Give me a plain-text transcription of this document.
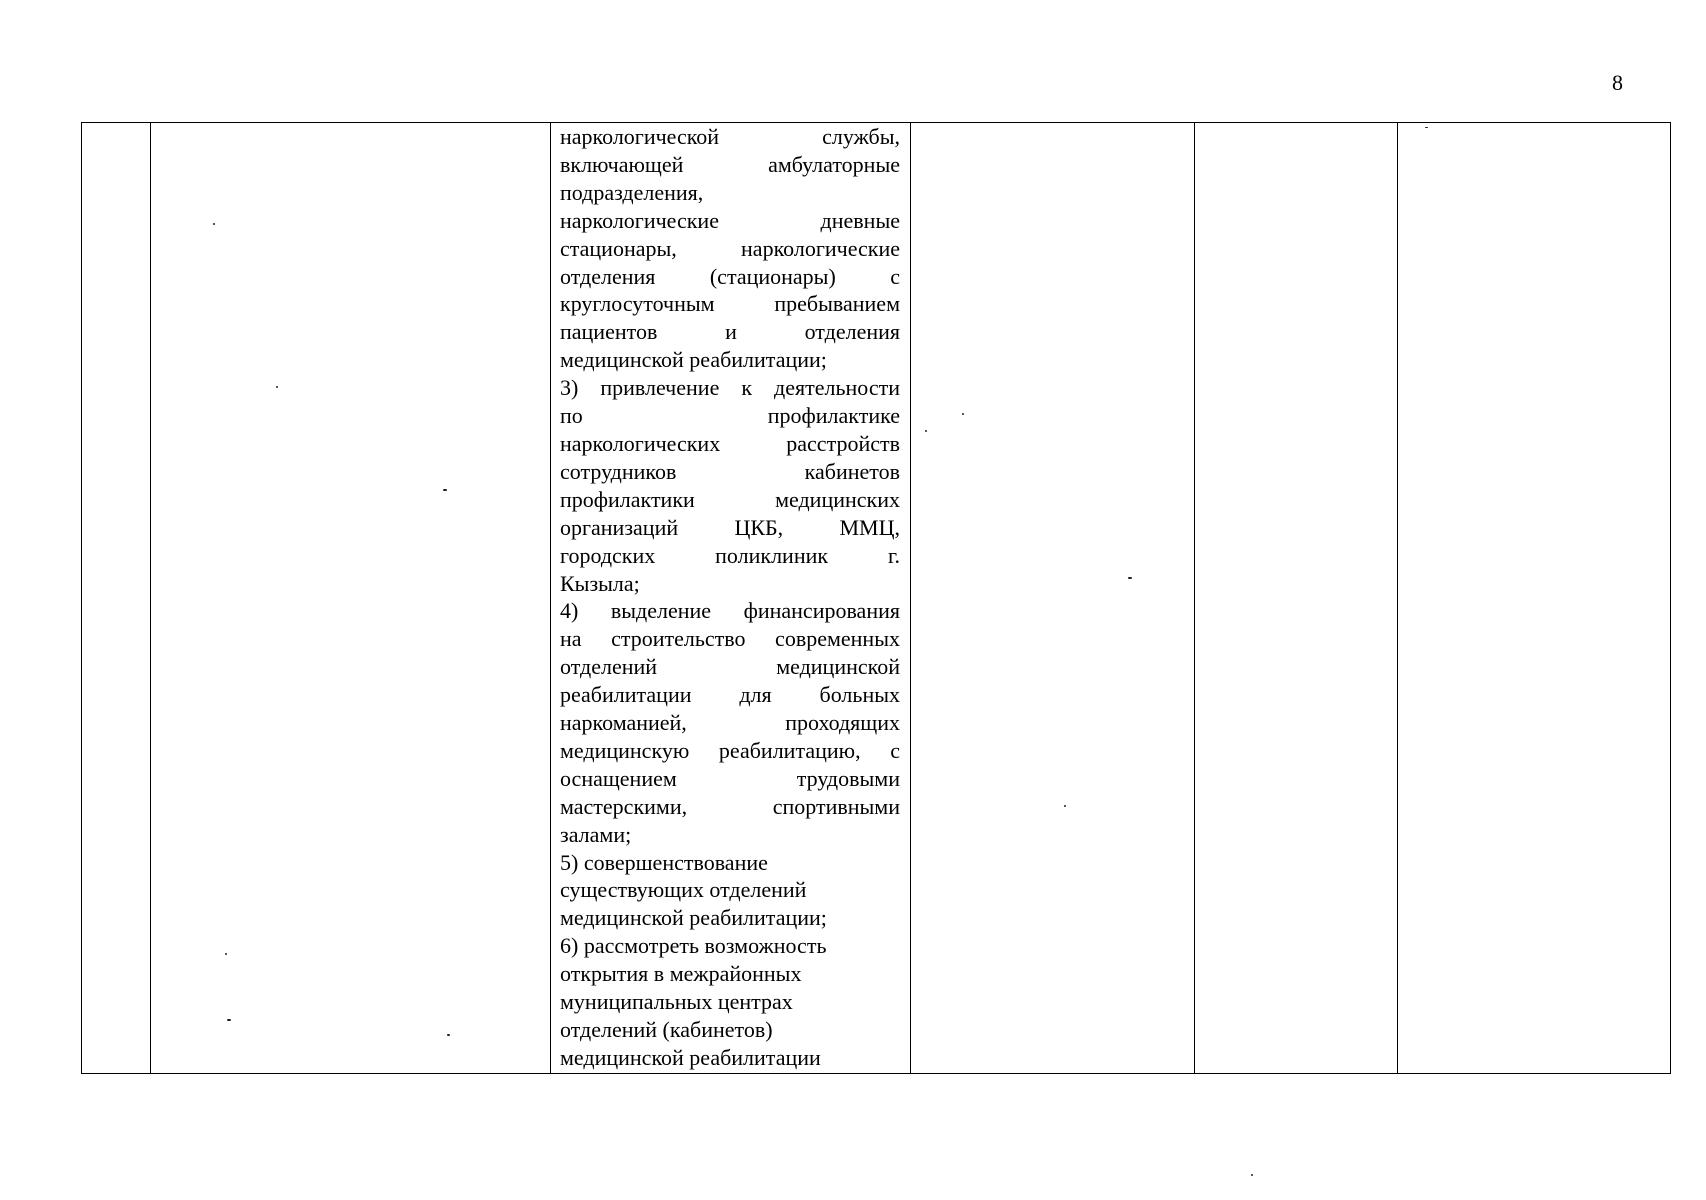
8

наркологической службы,
включающей амбулаторные
подразделения,
наркологические дневные
стационары, наркологические
отделения (стационары) с
круглосуточным пребыванием
пациентов и отделения
медицинской реабилитации;
3) привлечение к деятельности
по профилактике
наркологических расстройств
сотрудников кабинетов
профилактики медицинских
организаций ЦКБ, ММЦ,
городских поликлиник г.
Кызыла;
4) выделение финансирования
на строительство современных
отделений медицинской
реабилитации для больных
наркоманией, проходящих
медицинскую реабилитацию, с
оснащением трудовыми
мастерскими, спортивными
залами;
5) совершенствование
существующих отделений
медицинской реабилитации;
6) рассмотреть возможность
открытия в межрайонных
муниципальных центрах
отделений (кабинетов)
медицинской реабилитации
